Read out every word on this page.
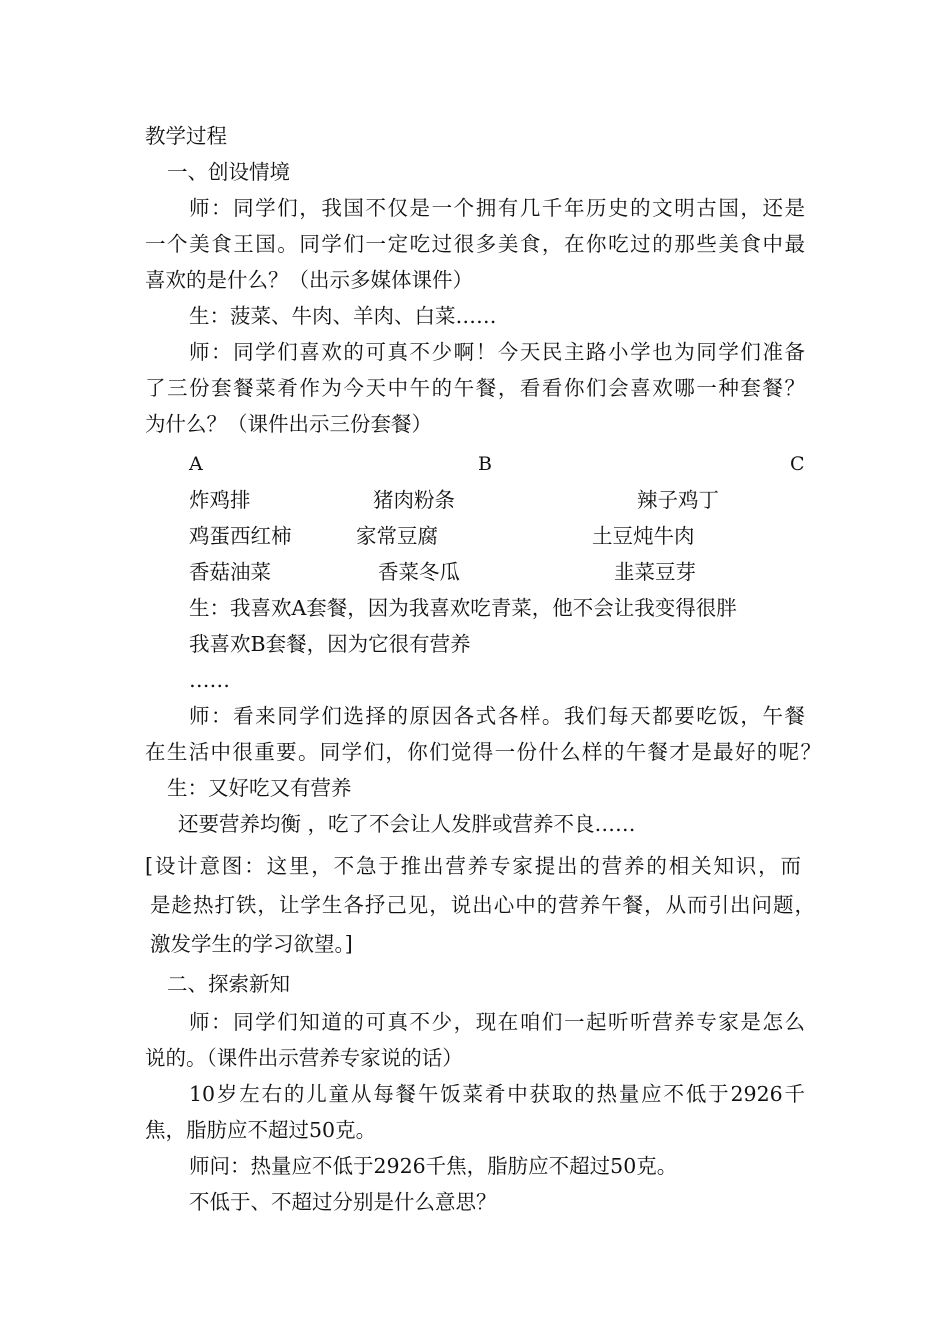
教学过程

一、创设情境

师：同学们，我国不仅是一个拥有几千年历史的文明古国，还是

一个美食王国。同学们一定吃过很多美食，在你吃过的那些美食中最

喜欢的是什么？（出示多媒体课件）

生：菠菜、牛肉、羊肉、白菜……

师：同学们喜欢的可真不少啊！今天民主路小学也为同学们准备

了三份套餐菜肴作为今天中午的午餐，看看你们会喜欢哪一种套餐？

为什么？（课件出示三份套餐）

A	B	C
炸鸡排	猪肉粉条	辣子鸡丁
鸡蛋西红柿	家常豆腐	土豆炖牛肉
香菇油菜	香菜冬瓜	韭菜豆芽

生：我喜欢A套餐，因为我喜欢吃青菜，他不会让我变得很胖

我喜欢B套餐，因为它很有营养

……

师：看来同学们选择的原因各式各样。我们每天都要吃饭，午餐

在生活中很重要。同学们，你们觉得一份什么样的午餐才是最好的呢？

生：又好吃又有营养

还要营养均衡 ，吃了不会让人发胖或营养不良……

[设计意图：这里，不急于推出营养专家提出的营养的相关知识，而

是趁热打铁，让学生各抒己见，说出心中的营养午餐，从而引出问题，

激发学生的学习欲望。]

二、探索新知

师：同学们知道的可真不少，现在咱们一起听听营养专家是怎么

说的。（课件出示营养专家说的话）

10岁左右的儿童从每餐午饭菜肴中获取的热量应不低于2926千

焦，脂肪应不超过50克。

师问：热量应不低于2926千焦，脂肪应不超过50克。

不低于、不超过分别是什么意思？
